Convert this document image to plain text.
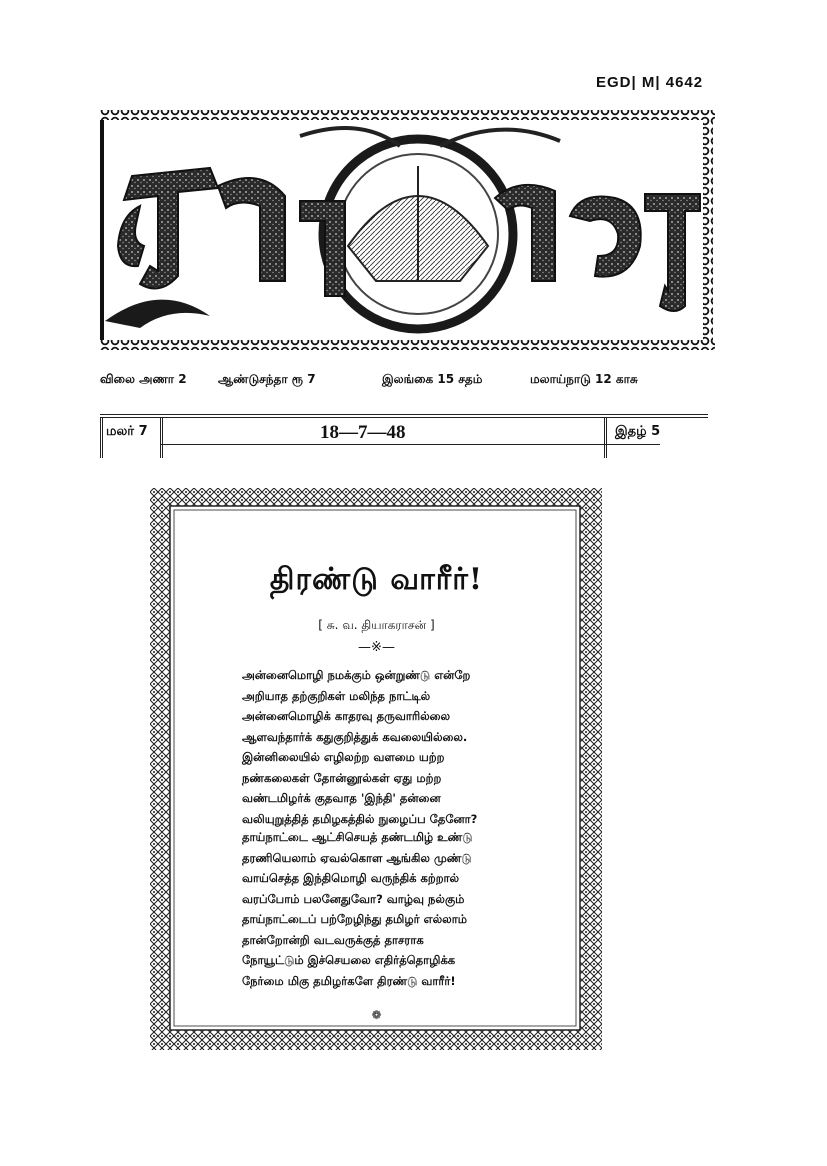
EGD| M| 4642
திராவிடநாடு
விலை அணா 2	ஆண்டுசந்தா ரூ 7	இலங்கை 15 சதம்	மலாய்நாடு 12 காசு
மலர் 7	18—7—48	இதழ் 5
திரண்டு வாரீர்!
[ சு. வ. தியாகராசன் ]
—※—
அன்னைமொழி நமக்கும் ஒன்றுண்டு என்றே
அறியாத தற்குறிகள் மலிந்த நாட்டில்
அன்னைமொழிக் காதரவு தருவாரில்லை
ஆளவந்தார்க் கதுகுறித்துக் கவலையில்லை.
இன்னிலையில் எழிலற்ற வளமை யற்ற
நண்கலைகள் தோன்னூல்கள் ஏது மற்ற
வண்டமிழர்க் குதவாத 'இந்தி' தன்னை
வலியுறுத்தித் தமிழகத்தில் நுழைப்ப தேனோ?
தாய்நாட்டை ஆட்சிசெயத் தண்டமிழ் உண்டு
தரணியெலாம் ஏவல்கொள ஆங்கில முண்டு
வாய்செத்த இந்திமொழி வருந்திக் கற்றால்
வரப்போம் பலனேதுவோ? வாழ்வு நல்கும்
தாய்நாட்டைப் பற்றேழிந்து தமிழர் எல்லாம்
தான்றோன்றி வடவருக்குத் தாசராக
நோயூட்டும் இச்செயலை எதிர்த்தொழிக்க
நேர்மை மிகு தமிழர்களே திரண்டு வாரீர்!
❁
